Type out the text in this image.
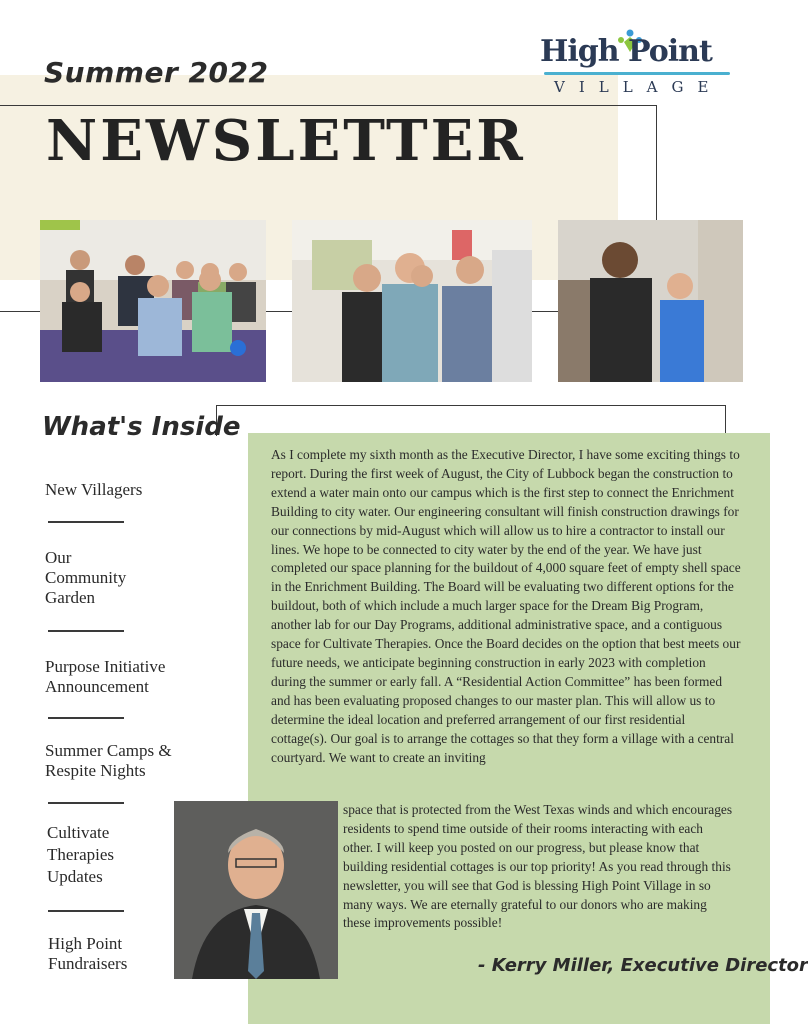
Summer 2022
NEWSLETTER
High Point
VILLAGE
What's Inside
New Villagers
Our Community Garden
Purpose Initiative Announcement
Summer Camps & Respite Nights
Cultivate Therapies Updates
High Point Fundraisers
As I complete my sixth month as the Executive Director, I have some exciting things to report. During the first week of August, the City of Lubbock began the construction to extend a water main onto our campus which is the first step to connect the Enrichment Building to city water. Our engineering consultant will finish construction drawings for our connections by mid-August which will allow us to hire a contractor to install our lines. We hope to be connected to city water by the end of the year. We have just completed our space planning for the buildout of 4,000 square feet of empty shell space in the Enrichment Building. The Board will be evaluating two different options for the buildout, both of which include a much larger space for the Dream Big Program, another lab for our Day Programs, additional administrative space, and a contiguous space for Cultivate Therapies. Once the Board decides on the option that best meets our future needs, we anticipate beginning construction in early 2023 with completion during the summer or early fall. A “Residential Action Committee” has been formed and has been evaluating proposed changes to our master plan. This will allow us to determine the ideal location and preferred arrangement of our first residential cottage(s). Our goal is to arrange the cottages so that they form a village with a central courtyard. We want to create an inviting
space that is protected from the West Texas winds and which encourages residents to spend time outside of their rooms interacting with each other. I will keep you posted on our progress, but please know that building residential cottages is our top priority! As you read through this newsletter, you will see that God is blessing High Point Village in so many ways. We are eternally grateful to our donors who are making these improvements possible!
- Kerry Miller, Executive Director
